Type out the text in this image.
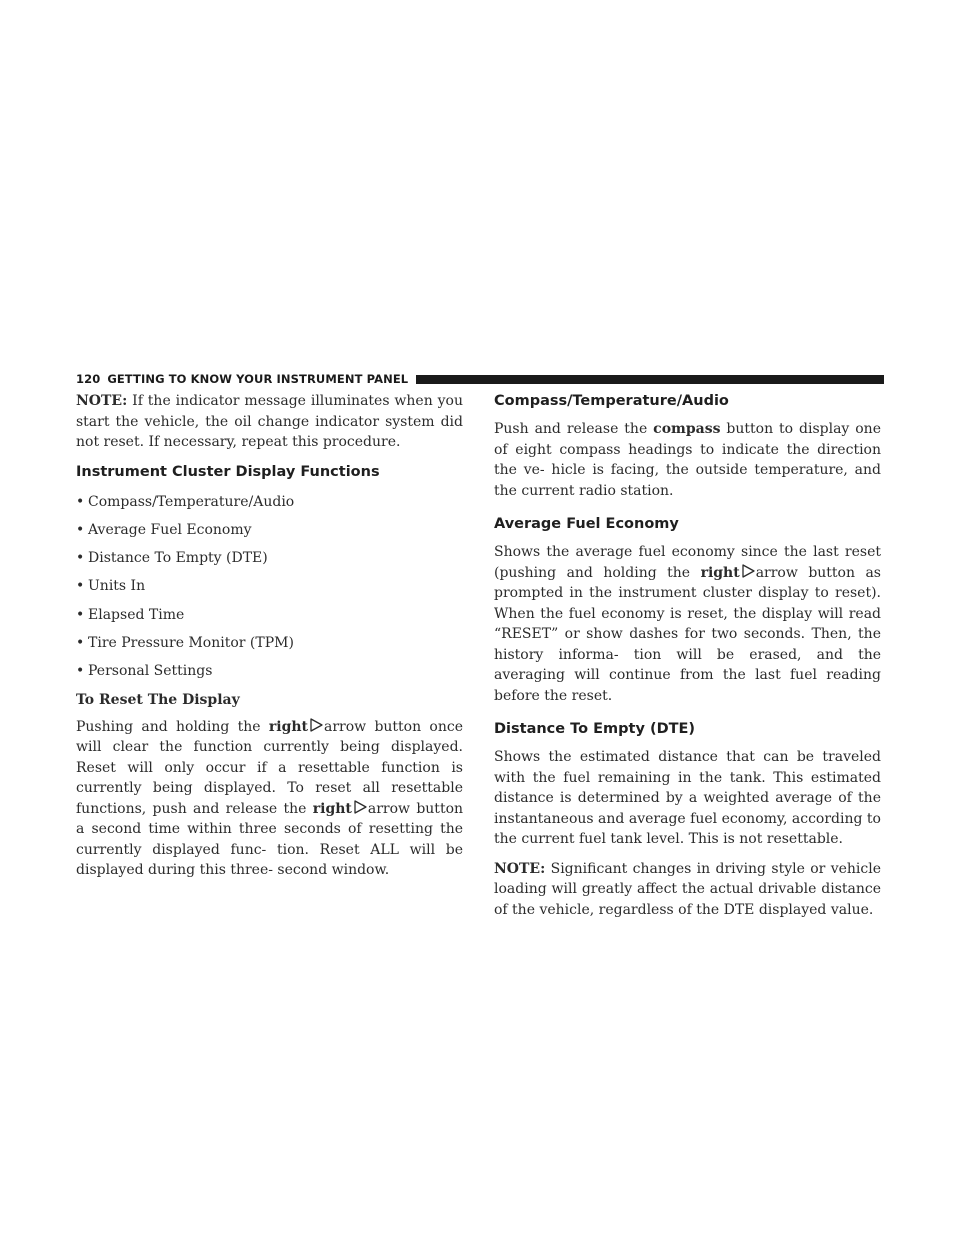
120 GETTING TO KNOW YOUR INSTRUMENT PANEL

NOTE: If the indicator message illuminates when you start the vehicle, the oil change indicator system did not reset. If necessary, repeat this procedure.

Instrument Cluster Display Functions
• Compass/Temperature/Audio
• Average Fuel Economy
• Distance To Empty (DTE)
• Units In
• Elapsed Time
• Tire Pressure Monitor (TPM)
• Personal Settings
To Reset The Display

Pushing and holding the right arrow button once will clear the function currently being displayed. Reset will only occur if a resettable function is currently being displayed. To reset all resettable functions, push and release the right arrow button a second time within three seconds of resetting the currently displayed func- tion. Reset ALL will be displayed during this three- second window.

Compass/Temperature/Audio

Push and release the compass button to display one of eight compass headings to indicate the direction the ve- hicle is facing, the outside temperature, and the current radio station.

Average Fuel Economy

Shows the average fuel economy since the last reset (pushing and holding the right arrow button as prompted in the instrument cluster display to reset). When the fuel economy is reset, the display will read “RESET” or show dashes for two seconds. Then, the history informa- tion will be erased, and the averaging will continue from the last fuel reading before the reset.

Distance To Empty (DTE)

Shows the estimated distance that can be traveled with the fuel remaining in the tank. This estimated distance is determined by a weighted average of the instantaneous and average fuel economy, according to the current fuel tank level. This is not resettable.

NOTE: Significant changes in driving style or vehicle loading will greatly affect the actual drivable distance of the vehicle, regardless of the DTE displayed value.
